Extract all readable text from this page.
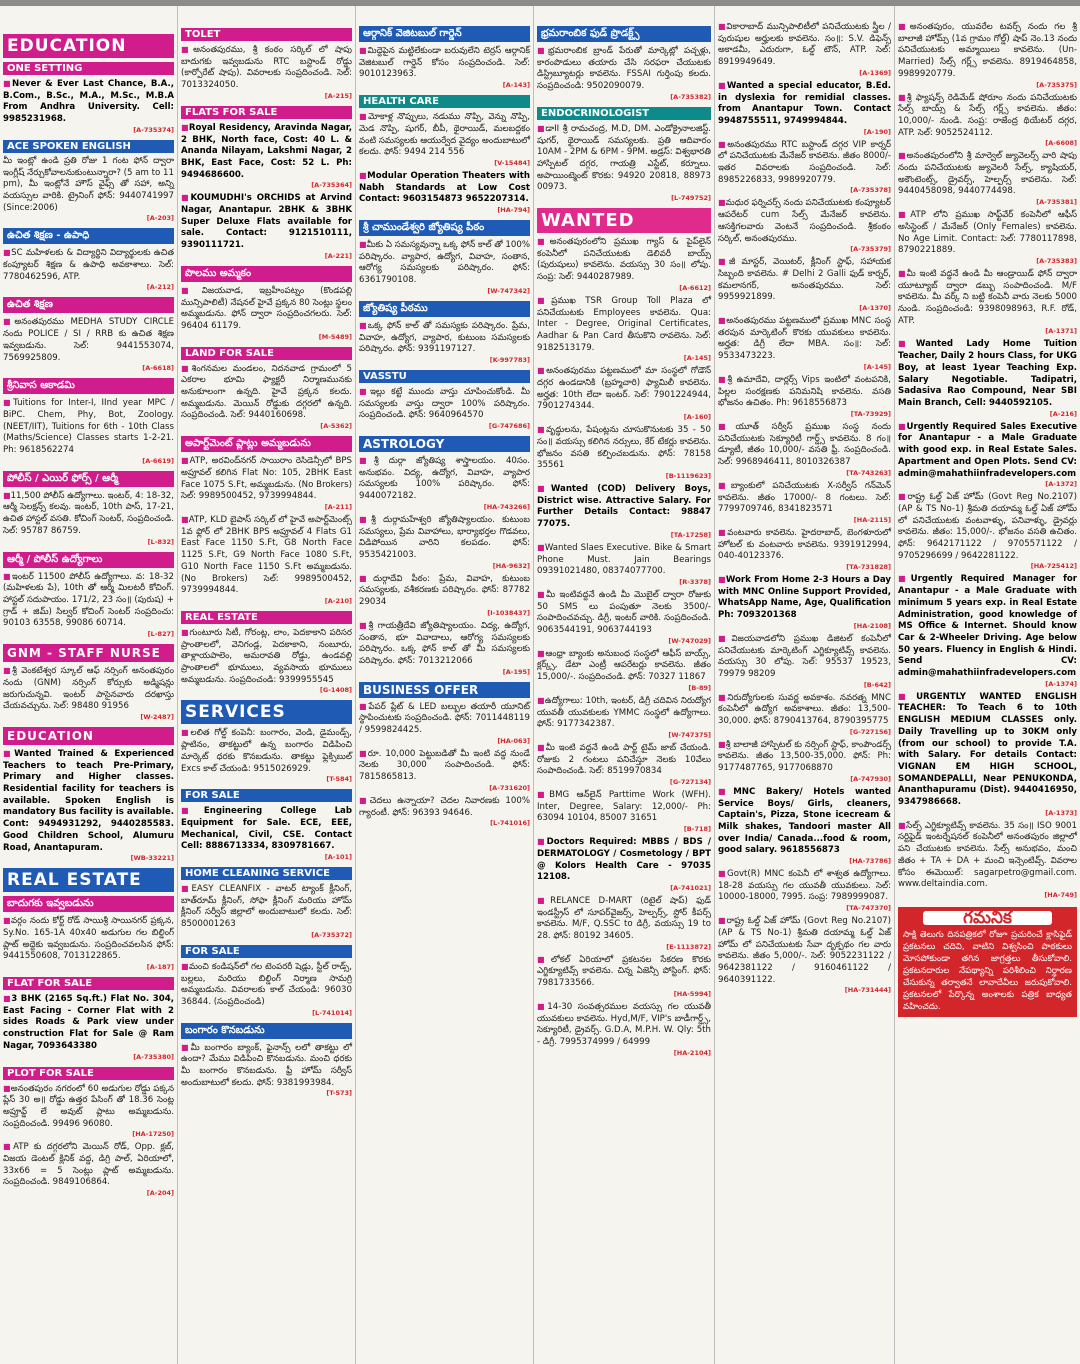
EDUCATION
ONE SETTING

■Never & Ever Last Chance, B.A., B.Com., B.Sc., M.A., M.Sc., M.B.A From Andhra University. Cell: 9985231968.
[A-735374]

ACE SPOKEN ENGLISH

మీ ఇంట్లో ఉండి ప్రతి రోజు 1 గంట ఫోన్ ద్వారా ఇంగ్లీష్ నేర్చుకోవాలనుకుంటున్నారా? (5 am to 11 pm), మీ ఇంట్లోనే హౌస్ వైఫ్స్ తో సహా, అన్ని వయస్సుల వారికి. ట్రైనింగ్ ఫోన్: 9440741997 (Since:2006)
[A-203]

ఉచిత శిక్షణ - ఉపాధి

■SC మహిళలకు & విద్యార్థిని విద్యార్థులకు ఉచిత కంప్యూటర్ శిక్షణ & ఉపాధి అవకాశాలు. సెల్: 7780462596, ATP.
[A-212]

ఉచిత శిక్షణ

■అనంతపురము MEDHA STUDY CIRCLE నందు POLICE / SI / RRB కు ఉచిత శిక్షణ ఇవ్వబడును. సెల్: 9441553074, 7569925809.
[A-6618]

శ్రీనివాస ఆకాడమి

■Tuitions for Inter-I, IInd year MPC / BiPC. Chem, Phy, Bot, Zoology. (NEET/IIT), Tuitions for 6th - 10th Class (Maths/Science) Classes starts 1-2-21. Ph: 9618562274
[A-6619]

పోలీస్ / ఎయిర్ ఫోర్స్ / ఆర్మీ

■11,500 పోలీస్ ఉద్యోగాలు. ఇంటర్, 4: 18-32, ఆర్మీ సెలక్షన్స్ కలవు. ఇంటర్, 10th పాస్, 17-21, ఉచిత హాస్టల్ వసతి. కోచింగ్ సెంటర్, సంప్రదించండి. సెల్: 95787 86759.
[L-832]

ఆర్మీ / పోలీస్ ఉద్యోగాలు

■ఇంటర్ 11500 పోలీస్ ఉద్యోగాలు. వ: 18-32 (మహిళలకు పే), 10th తో ఆర్మీ మిలటరీ కోచింగ్. హాస్టల్ సదుపాయం. 171/2, 23 సం॥ (పురుష) + గ్రాడ్ + జిమ్) సిల్వర్ కోచింగ్ సెంటర్ సంప్రదించు: 90103 63558, 99086 60714.
[L-827]

GNM - STAFF NURSE

■శ్రీ వెంకటేశ్వర స్కూల్ ఆఫ్ నర్సింగ్ అనంతపురం నందు (GNM) నర్సింగ్ కోర్సుకు అడ్మిషన్లు జరుగుచున్నవి. ఇంటర్ పాసైనవారు దరఖాస్తు చేయవచ్చును. సెల్: 98480 91956
[W-2487]

EDUCATION

■Wanted Trained & Experienced Teachers to teach Pre-Primary, Primary and Higher classes. Residential facility for teachers is available. Spoken English is mandatory Bus facility is available. Cont: 9494931292, 9440285583. Good Children School, Alumuru Road, Anantapuram.
[WB-33221]

REAL ESTATE
బాదుగకు ఇవ్వబడును

■వర్గం నందు కోర్ట్ రోడ్ సాయిశ్రీ సాయినగర్ ప్రక్కన, Sy.No. 165-1A 40x40 అడుగుల గల బిల్డింగ్ ప్లాట్ అద్దెకు ఇవ్వబడును. సంప్రదించవలసిన ఫోన్: 9441550608, 7013122865.
[A-187]

FLAT FOR SALE

■3 BHK (2165 Sq.ft.) Flat No. 304, East Facing - Corner Flat with 2 sides Roads & Park view under construction Flat for Sale @ Ram Nagar, 7093643380
[A-735380]

PLOT FOR SALE

■అనంతపురం నగరంలో 60 అడుగుల రోడ్డు పక్కన ప్లేస్ 30 అ॥ రోడ్డు ఉత్తర పేసింగ్ తో 18.36 సెంట్ల అప్రూవ్డ్ లే అవుట్ ప్లాటు అమ్మబడును. సంప్రదించండి. 99496 96080.
[HA-17250]

■ATP కు దగ్గరలోని మెయిన్ రోడ్, Opp. క్లబ్, విజయ డెంటల్ క్లినిక్ వద్ద, డిగ్రి పాల్, ఏరియాలో, 33x66 = 5 సెంట్లు ప్లాట్ అమ్మబడును. సంప్రదించండి. 9849106864.
[A-204]

TOLET

■అనంతపురము, శ్రీ కంఠం సర్కిల్ లో షాపు బాదుగకు ఇవ్వబడును RTC బస్టాండ్ రోడ్డు (కార్పోరేట్ షాపు). వివరాలకు సంప్రదించండి. సెల్: 7013324050.
[A-215]

FLATS FOR SALE

■Royal Residency, Aravinda Nagar, 2 BHK, North face, Cost: 40 L. & Ananda Nilayam, Lakshmi Nagar, 2 BHK, East Face, Cost: 52 L. Ph: 9494686600.
[A-735364]

■KOUMUDHI's ORCHIDS at Arvind Nagar, Anantapur. 2BHK & 3BHK Super Deluxe Flats available for sale. Contact: 9121510111, 9390111721.
[A-221]

పొలము అమ్మకం

■విజయవాడ, ఇబ్రహీంపట్నం (కొండపల్లి మున్సిపాలిటీ) నేషనల్ హైవే ప్రక్కన 80 సెంట్లు స్థలం అమ్మబడును. ఫోన్ ద్వారా సంప్రదించగలరు. సెల్: 96404 61179.
[M-5489]

LAND FOR SALE

■శింగనమల మండలం, నిదనవాడ గ్రామంలో 5 ఎకరాల భూమి ఫ్యాక్టరీ నిర్మాణమునకు అనుకూలంగా ఉన్నది. హైవే ప్రక్కన కలదు. అమ్మబడును. మెయిన్ రోడ్డుకు దగ్గరలో ఉన్నది. సంప్రదించండి. సెల్: 9440160698.
[A-5362]

అపార్ట్‌మెంట్ ప్లాట్లు అమ్మబడును

■ATP, అరవింద్‌నగర్ సాయిరాం రెసిడెన్సీలో BPS అప్రూవల్ కలిగిన Flat No: 105, 2BHK East Face 1075 S.Ft, అమ్మబడును. (No Brokers) సెల్: 9989500452, 9739994844.
[A-211]

■ATP, KLD బైపాస్ సర్కిల్ లో హైవే అపార్ట్‌మెంట్స్ 1వ ఫ్లోర్ లో 2BHK BPS అప్రూవల్ 4 Flats G1 East Face 1150 S.Ft, G8 North Face 1125 S.Ft, G9 North Face 1080 S.Ft, G10 North Face 1150 S.Ft అమ్మబడును. (No Brokers) సెల్: 9989500452, 9739994844.
[A-210]

REAL ESTATE

■గుంటూరు సిటీ, గోరంట్ల, లాం, పెదకాకాని పరిసర ప్రాంతాలలో, వెనిగండ్ల, పెదకాకాని, నంబూరు, తాళ్లాయపాలెం, అమరావతి రోడ్డు, ఉండవల్లి ప్రాంతాలలో భూములు, వ్యవసాయ భూములు అమ్మబడును. సంప్రదించండి: 9399955545
[G-1408]

SERVICES

■లలిత గోల్డ్ కంపెనీ: బంగారం, వెండి, డైమండ్స్, ప్లాటినం, తాకట్టులో ఉన్న బంగారం విడిపించి మార్కెట్ ధరకు కొనబడును. తాకట్టు ఫ్లెక్సిబుల్ Excs కాల్ చేయండి: 9515026929.
[T-584]

FOR SALE

■Engineering College Lab Equipment for Sale. ECE, EEE, Mechanical, Civil, CSE. Contact Cell: 8886713334, 8309781667.
[A-101]

HOME CLEANING SERVICE

■EASY CLEANFIX - వాటర్ ట్యాంక్ క్లీనింగ్, బాత్‌రూమ్ క్లీనింగ్, సోఫా క్లీనింగ్ మరియు హోమ్ క్లీనింగ్ సర్వీస్ జిల్లాలో అందుబాటులో కలదు. సెల్: 8500001263
[A-735372]

FOR SALE

■మంచి కండిషన్‌లో గల టెంపరరీ షెడ్లు, స్టీల్ రాడ్స్, బల్లలు, మరియు బిల్డింగ్ నిర్మాణ సామగ్రి అమ్మబడును. వివరాలకు కాల్ చేయండి: 96030 36844. (సంప్రదించండి)
[L-741014]

బంగారం కొనబడును

■మీ బంగారం బ్యాంక్, ఫైనాన్స్ లలో తాకట్టు లో ఉందా? మేము విడిపించి కొనబడును. మంచి ధరకు మీ బంగారం కొనబడును. ఫ్రీ హోమ్ సర్వీస్ అందుబాటులో కలదు. ఫోన్: 9381993984.
[T-573]

ఆర్గానిక్ వెజిటబుల్ గార్డెన్

■మిద్దెపైన మట్టిలేకుండా బరువులేని టెర్రస్ ఆర్గానిక్ వెజిటబుల్ గార్డెన్ కోసం సంప్రదించండి. సెల్: 9010123963.
[A-143]

HEALTH CARE

■మోకాళ్ల నొప్పులు, నడుము నొప్పి, వెన్ను నొప్పి, మెడ నొప్పి, షుగర్, బీపీ, థైరాయిడ్, మలబద్దకం వంటి సమస్యలకు ఆయుర్వేద వైద్యం అందుబాటులో కలదు. ఫోన్: 9494 214 556
[V-15484]

■Modular Operation Theaters with Nabh Standards at Low Cost Contact: 9603154873 9652207314.
[HA-794]

శ్రీ చాముండేశ్వరి జ్యోతిష్య పీఠం

■మీకు ఏ సమస్యవున్నా ఒక్క ఫోన్ కాల్ తో 100% పరిష్కారం. వ్యాపార, ఉద్యోగ, వివాహ, సంతాన, ఆరోగ్య సమస్యలకు పరిష్కారం. ఫోన్: 6361790108.
[W-747342]

జ్యోతిష్య పీఠము

■ఒక్క ఫోన్ కాల్ తో సమస్యకు పరిష్కారం. ప్రేమ, వివాహ, ఉద్యోగ, వ్యాపార, కుటుంబ సమస్యలకు పరిష్కారం. ఫోన్: 9391197127.
[K-997783]

VASSTU

■ఇల్లు కట్టే ముందు వాస్తు చూపించుకోండి. మీ సమస్యలకు వాస్తు ద్వారా 100% పరిష్కారం. సంప్రదించండి. ఫోన్: 9640964570
[G-747686]

ASTROLOGY

■శ్రీ దుర్గా జ్యోతిష్య శాస్త్రాలయం. 40సం. అనుభవం. విద్య, ఉద్యోగ, వివాహ, వ్యాపార సమస్యలకు 100% పరిష్కారం. ఫోన్: 9440072182.
[HA-743266]

■శ్రీ దుర్గామహేశ్వరి జ్యోతిష్యాలయం. కుటుంబ సమస్యలు, ప్రేమ వివాహాలు, భార్యాభర్తల గొడవలు, విడిపోయిన వారిని కలపడం. ఫోన్: 9535421003.
[HA-9632]

■దుర్గాదేవి పీఠం: ప్రేమ, వివాహ, కుటుంబ సమస్యలకు, వశీకరణకు పరిష్కారం. ఫోన్: 87782 29034
[I-1038437]

■శ్రీ గాయత్రీదేవి జ్యోతిష్యాలయం. విద్య, ఉద్యోగ, సంతాన, భూ వివాదాలు, ఆరోగ్య సమస్యలకు పరిష్కారం. ఒక్క ఫోన్ కాల్ తో మీ సమస్యలకు పరిష్కారం. ఫోన్: 7013212066
[A-195]

BUSINESS OFFER

■పేపర్ ప్లేట్ & LED బల్బుల తయారీ యూనిట్ స్థాపించుటకు సంప్రదించండి. ఫోన్: 7011448119 / 9599824425.
[HA-063]

■రూ. 10,000 పెట్టుబడితో మీ ఇంటి వద్ద నుండే నెలకు 30,000 సంపాదించండి. ఫోన్: 7815865813.
[A-731620]

■చెదలు ఉన్నాయా? చెదల నివారణకు 100% గ్యారంటీ. ఫోన్: 96393 94646.
[L-741016]

భ్రమరాంబిక ఫుడ్ ప్రొడక్ట్స్

■భ్రమరాంబిక బ్రాండ్ పేరుతో మార్కెట్లో పచ్చళ్లు, కారంపొడులు తయారు చేసి సరఫరా చేయుటకు డిస్ట్రిబ్యూటర్లు కావలెను. FSSAI గుర్తింపు కలదు. సంప్రదించండి: 9502090079.
[A-735382]

ENDOCRINOLOGIST

■డాII శ్రీ రామచంద్ర, M.D, DM. ఎండోక్రైనాలజిస్ట్. షుగర్, థైరాయిడ్ సమస్యలకు. ప్రతి ఆదివారం 10AM - 2PM & 6PM - 9PM. అడ్రస్: విశ్వభారతి హాస్పిటల్ దగ్గర, గాయత్రి ఎస్టేట్, కర్నూలు. అపాయింట్మెంట్ కొరకు: 94920 20818, 88973 00973.
[L-749752]

WANTED

■అనంతపురంలోని ప్రముఖ గ్యాస్ & పైప్‌లైన్ కంపెనీలో పనిచేయుటకు డెలివరీ బాయ్స్ (పురుషులు) కావలెను. వయస్సు 30 సం॥ లోపు. సంప్ర: సెల్: 9440287989.
[A-6612]

■ప్రముఖ TSR Group Toll Plaza లో పనిచేయుటకు Employees కావలెను. Qua: Inter - Degree, Original Certificates, Aadhar & Pan Card తీసుకొని రావలెను. సెల్: 9182513179.
[A-145]

■అనంతపురము పట్టణములో మా సంస్థలో గోడౌన్ దగ్గర ఉండడానికి (బ్రహ్మచారి) ఫ్యామిలీ కావలెను. అర్హత: 10th లేదా ఇంటర్. సెల్: 7901224944, 7901274344.
[A-160]

■వృద్ధులను, పేషంట్లను చూసుకొనుటకు 35 - 50 సం॥ వయస్సు కలిగిన నర్సులు, కేర్ టేకర్లు కావలెను. భోజనం వసతి కల్పించబడును. ఫోన్: 78158 35561
[B-1119623]

■Wanted (COD) Delivery Boys, District wise. Attractive Salary. For Further Details Contact: 98847 77075.
[TA-17258]

■Wanted Slaes Executive. Bike & Smart Phone Must. Jain Bearings 09391021480, 08374077700.
[R-3378]

■మీ ఇంటివద్దనే ఉండి మీ మొబైల్ ద్వారా రోజుకు 50 SMS లు పంపుతూ నెలకు 3500/- సంపాదించవచ్చు. డిగ్రీ, ఇంటర్ వారికి. సంప్రదించండి. 9063544191, 9063744193
[W-747029]

■ఆంధ్రా బ్యాంకు అనుబంధ సంస్థలో ఆఫీస్ బాయ్స్, క్లర్క్స్, డేటా ఎంట్రీ ఆపరేటర్లు కావలెను. జీతం 15,000/-. సంప్రదించండి. ఫోన్: 70327 11867
[B-89]

■ఉద్యోగాలు: 10th, ఇంటర్, డిగ్రీ చదివిన నిరుద్యోగ యువతీ యువకులకు YMMC సంస్థలో ఉద్యోగాలు. ఫోన్: 9177342387.
[W-747375]

■మీ ఇంటి వద్దనే ఉండి పార్ట్ టైమ్ జాబ్ చేయండి. రోజుకు 2 గంటలు పనిచేస్తూ నెలకు 10వేలు సంపాదించండి. సెల్: 8519970834
[G-727134]

■BMG ఆన్‌లైన్ Parttime Work (WFH). Inter, Degree, Salary: 12,000/- Ph: 63094 10104, 85007 31651
[B-718]

■Doctors Required: MBBS / BDS / DERMATOLOGY / Cosmetology / BPT @ Kolors Health Care - 97035 12108.
[A-741021]

■RELANCE D-MART (రిటైల్ షాప్) ఫుడ్ ఇండస్ట్రీస్ లో సూపర్‌వైజర్స్, హెల్పర్స్, స్టోర్ కీపర్స్ కావలెను. M/F, Q.SSC to డిగ్రీ, వయస్సు 19 to 28. ఫోన్: 80192 34605.
[E-1113872]

■లోకల్ ఏరియాలో ప్రకటనల సేకరణ కొరకు ఎగ్జిక్యూటివ్స్ కావలెను. చిన్న ఏజెన్సీ పోస్టింగ్. ఫోన్: 7981733566.
[HA-5994]

■14-30 సంవత్సరముల వయస్సు గల యువతీ యువకులు కావలెను. Hyd,M/F, VIP's బాడీగార్డ్స్, సెక్యూరిటీ, డ్రైవర్స్. G.D.A, M.P.H. W. Qly: 5th - డిగ్రీ. 7995374999 / 64999
[HA-2104]

■వికారాబాద్ మున్సిపాలిటీలో పనిచేయుటకు స్త్రీల / పురుషుల అర్హులకు కావలెను. సం॥: S.V. డిఫెన్స్ అకాడమీ, ఎదురుగా, ఓల్డ్ టౌన్, ATP. సెల్: 8919949649.
[A-1369]

■Wanted a special educator, B.Ed. in dyslexia for remidial classes. from Anantapur Town. Contact 9948755511, 9749994844.
[A-190]

■అనంతపురము RTC బస్టాండ్ దగ్గర VIP కార్నర్ లో పనిచేయుటకు మేనేజర్ కావలెను. జీతం 8000/- ఇతర వివరాలకు సంప్రదించండి. సెల్: 8985226833, 9989920779.
[A-735378]

■మధుర ఫర్నిచర్స్ నందు పనిచేయుటకు కంప్యూటర్ ఆపరేటర్ cum సేల్స్ మేనేజర్ కావలెను. ఆసక్తిగలవారు వెంటనే సంప్రదించండి. శ్రీకంఠం సర్కిల్, అనంతపురము.
[A-735379]

■జీ మాస్టర్, వెయిటర్, క్లీనింగ్ స్టాఫ్, సహాయక సిబ్బంది కావలెను. # Delhi 2 Galli ఫుడ్ కార్నర్, కమలానగర్, అనంతపురము. సెల్: 9959921899.
[A-1370]

■అనంతపురము పట్టణములో ప్రముఖ MNC సంస్థ తరపున మార్కెటింగ్ కొరకు యువకులు కావలెను. అర్హత: డిగ్రీ లేదా MBA. సం॥: సెల్: 9533473223.
[A-145]

■శ్రీ ఉమాదేవి, దార్లర్స్ Vips ఇంటిలో వంటపనికి, పిల్లల సంరక్షణకు పనిమనిషి కావలెను. వసతి భోజనం ఉచితం. Ph: 9618556873
[TA-73929]

■యూత్ సర్వీస్ ప్రముఖ సంస్థ నందు పనిచేయుటకు సెక్యూరిటీ గార్డ్స్ కావలెను. 8 గం॥ డ్యూటీ, జీతం 10,000/- వసతి ఫ్రీ. సంప్రదించండి. సెల్: 9968946411, 8010326387
[TA-743263]

■బ్యాంకులో పనిచేయుటకు X-సర్వీస్ గన్‌మెన్ కావలెను. జీతం 17000/- 8 గంటలు. సెల్: 7799709746, 8341823571
[HA-2115]

■వంటవారు కావలెను. హైదరాబాద్, బెంగళూరులో హోటల్ కు వంటవారు కావలెను. 9391912994, 040-40123376.
[TA-731828]

■Work From Home 2-3 Hours a Day with MNC Online Support Provided, WhatsApp Name, Age, Qualification Ph: 7093201368
[HA-2108]

■విజయవాడలోని ప్రముఖ డిజిటల్ కంపెనీలో పనిచేయుటకు మార్కెటింగ్ ఎగ్జిక్యూటివ్స్ కావలెను. వయస్సు 30 లోపు. సెల్: 95537 19523, 79979 98209
[B-642]

■నిరుద్యోగులకు సువర్ణ అవకాశం. నవరత్న MNC కంపెనీలో ఉద్యోగ అవకాశాలు. జీతం: 13,500-30,000. ఫోన్: 8790413764, 8790395775
[G-727156]

■శ్రీ బాలాజీ హాస్పిటల్ కు నర్సింగ్ స్టాఫ్, కాంపౌండర్స్ కావలెను. జీతం 13,500-35,000. ఫోన్: Ph: 9177487765, 9177068870
[A-747930]

■MNC Bakery/ Hotels wanted Service Boys/ Girls, cleaners, Captain's, Pizza, Stone icecream & Milk shakes, Tandoori master All over India/ Canada...food & room, good salary. 9618556873
[HA-73786]

■Govt(R) MNC కంపెనీ లో శాశ్వత ఉద్యోగాలు. 18-28 వయస్సు గల యువతీ యువకులు. సెల్: 10000-18000, 7995. సంప్ర: 7989999087.
[TA-747370]

■రాష్ట్ర ఓల్డ్ ఏజ్ హోమ్ (Govt Reg No.2107) (AP & TS No-1) శ్రీమతి దయామ్మ ఓల్డ్ ఏజ్ హోమ్ లో పనిచేయుటకు సేవా దృక్పథం గల వారు కావలెను. జీతం 5,000/-. సెల్: 9052231122 / 9642381122 / 9160461122 / 9640391122.
[HA-731444]

■అనంతపురం, యువరేల టవర్స్ నందు గల శ్రీ బాలాజీ హోమ్స్ (1వ గ్రామం గోల్డ్) షాప్ నెం.13 నందు పనిచేయుటకు అమ్మాయిలు కావలెను. (Un-Married) సేల్స్ గర్ల్స్ కావలెను. 8919464858, 9989920779.
[A-735375]

■శ్రీ ఫ్యాషన్స్ రెడిమేడ్ షోరూం నందు పనిచేయుటకు సేల్స్ బాయ్స్ & సేల్స్ గర్ల్స్ కావలెను. జీతం: 10,000/- నుండి. సంప్ర: రాజేంద్ర థియేటర్ దగ్గర, ATP. సెల్: 9052524112.
[A-6608]

■అనంతపురంలోని శ్రీ మార్వెల్ జ్యువెలర్స్ వారి షాపు నందు పనిచేయుటకు జ్యువెలరీ సేల్స్, క్యాషియర్, అకౌంటెంట్స్, డ్రైవర్స్, హెల్పర్స్ కావలెను. సెల్: 9440458098, 9440774498.
[A-735381]

■ATP లోని ప్రముఖ సాఫ్ట్‌వేర్ కంపెనీలో ఆఫీస్ అసిస్టెంట్ / మేనేజర్ (Only Females) కావలెను. No Age Limit. Contact: సెల్: 7780117898, 8790221889.
[A-735383]

■మీ ఇంటి వద్దనే ఉండి మీ ఆండ్రాయిడ్ ఫోన్ ద్వారా యూట్యూబ్ ద్వారా డబ్బు సంపాదించండి. M/F కావలెను. మీ వర్క్ ని బట్టి కంపెనీ వారు నెలకు 5000 నుండి. సంప్రదించండి: 9398098963, R.F. రోడ్, ATP.
[A-1371]

■Wanted Lady Home Tuition Teacher, Daily 2 hours Class, for UKG Boy, at least 1year Teaching Exp. Salary Negotiable. Tadipatri, Sadasiva Rao Compound, Near SBI Main Branch, Cell: 9440592105.
[A-216]

■Urgently Required Sales Executive for Anantapur - a Male Graduate with good exp. in Real Estate Sales. Apartment and Open Plots. Send CV: admin@mahathiinfradevelopers.com
[A-1372]

■రాష్ట్ర ఓల్డ్ ఏజ్ హోమ్ (Govt Reg No.2107) (AP & TS No-1) శ్రీమతి దయామ్మ ఓల్డ్ ఏజ్ హోమ్ లో పనిచేయుటకు వంటవాళ్ళు, పనివాళ్ళు, డ్రైవర్లు కావలెను. జీతం: 15,000/-. భోజనం వసతి ఉచితం. ఫోన్: 9642171122 / 9705571122 / 9705296699 / 9642281122.
[HA-725412]

■Urgently Required Manager for Anantapur - a Male Graduate with minimum 5 years exp. in Real Estate Administration, good knowledge of MS Office & Internet. Should know Car & 2-Wheeler Driving. Age below 50 years. Fluency in English & Hindi. Send CV: admin@mahathiinfradevelopers.com
[A-1374]

■URGENTLY WANTED ENGLISH TEACHER: To Teach 6 to 10th ENGLISH MEDIUM CLASSES only. Daily Travelling up to 30KM only (from our school) to provide T.A. with Salary. For details Contact: VIGNAN EM HIGH SCHOOL, SOMANDEPALLI, Near PENUKONDA, Ananthapuramu (Dist). 9440416950, 9347986668.
[A-1373]

■సేల్స్ ఎగ్జిక్యూటివ్స్ కావలెను. 35 సం॥ ISO 9001 సర్టిఫైడ్ ఇంటర్నేషనల్ కంపెనీలో అనంతపురం జిల్లాలో పని చేయుటకు కావలెను. సేల్స్ అనుభవం, మంచి జీతం + TA + DA + మంచి ఇన్సెంటివ్స్. వివరాల కోసం ఈమెయిల్: sagarpetro@gmail.com. www.deltaindia.com.
[HA-749]

గమనిక
సాక్షి తెలుగు దినపత్రికలో రోజూ ప్రచురించే క్లాసిఫైడ్ ప్రకటనలు చదివి, వాటిని విశ్వసించి పాఠకులు మోసపోకుండా తగిన జాగ్రత్తలు తీసుకోవాలి. ప్రకటనదారుల నేపథ్యాన్ని పరిశీలించి నిర్ధారణ చేసుకున్న తర్వాతనే లావాదేవీలు జరుపుకోవాలి. ప్రకటనలలో పేర్కొన్న అంశాలకు పత్రిక బాధ్యత వహించదు.
